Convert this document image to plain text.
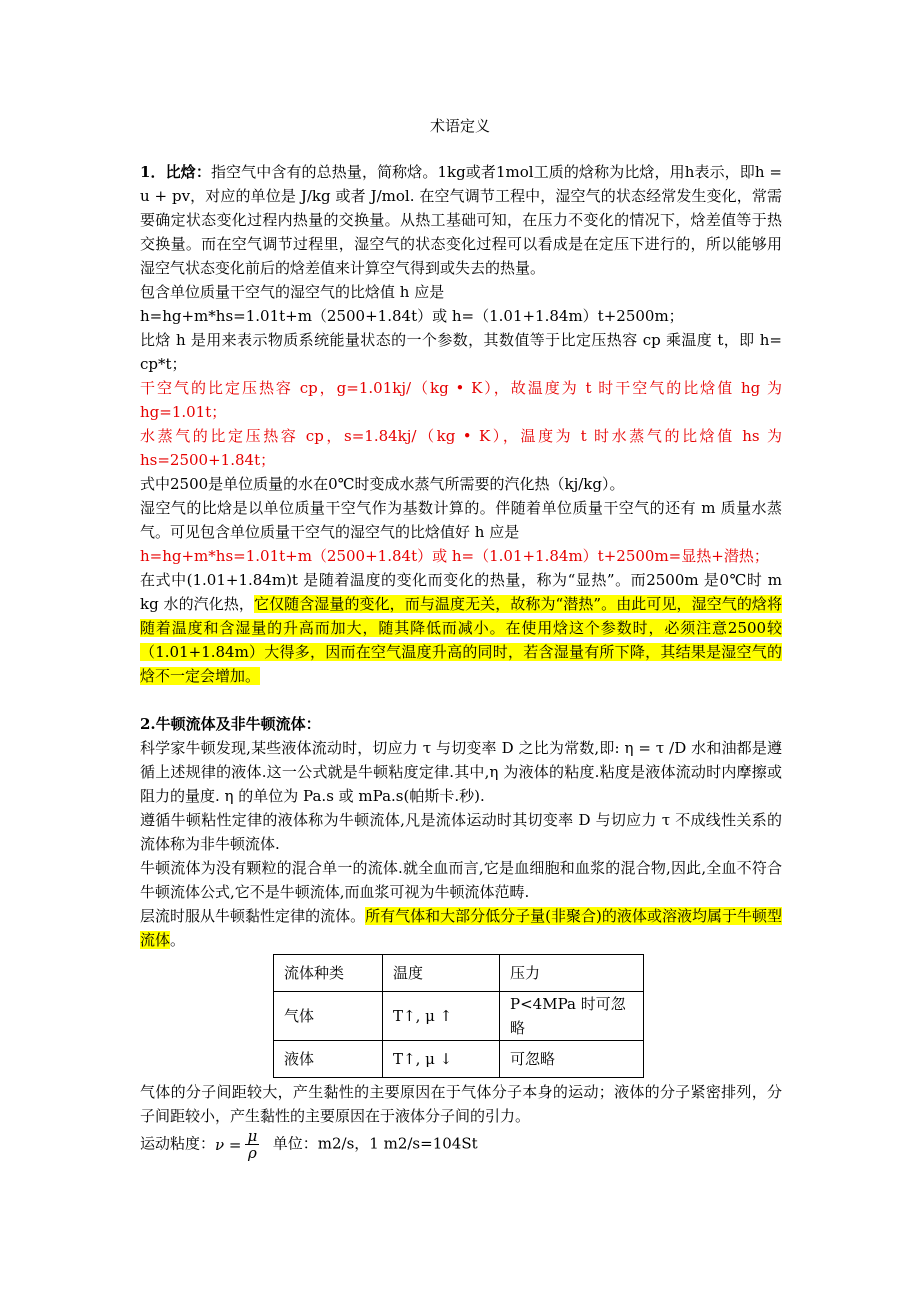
术语定义

1．比焓：指空气中含有的总热量，简称焓。1kg或者1mol工质的焓称为比焓，用h表示，即h = u + pv，对应的单位是 J/kg 或者 J/mol. 在空气调节工程中，湿空气的状态经常发生变化，常需要确定状态变化过程内热量的交换量。从热工基础可知，在压力不变化的情况下，焓差值等于热交换量。而在空气调节过程里，湿空气的状态变化过程可以看成是在定压下进行的，所以能够用湿空气状态变化前后的焓差值来计算空气得到或失去的热量。

包含单位质量干空气的湿空气的比焓值 h 应是

h=hg+m*hs=1.01t+m（2500+1.84t）或 h=（1.01+1.84m）t+2500m；

比焓 h 是用来表示物质系统能量状态的一个参数，其数值等于比定压热容 cp 乘温度 t，即 h= cp*t；

干空气的比定压热容 cp，g=1.01kj/（kg • K），故温度为 t 时干空气的比焓值 hg 为 hg=1.01t；

水蒸气的比定压热容 cp，s=1.84kj/（kg • K），温度为 t 时水蒸气的比焓值 hs 为 hs=2500+1.84t；

式中2500是单位质量的水在0℃时变成水蒸气所需要的汽化热（kj/kg）。

湿空气的比焓是以单位质量干空气作为基数计算的。伴随着单位质量干空气的还有 m 质量水蒸气。可见包含单位质量干空气的湿空气的比焓值好 h 应是

h=hg+m*hs=1.01t+m（2500+1.84t）或 h=（1.01+1.84m）t+2500m=显热+潜热；

在式中(1.01+1.84m)t 是随着温度的变化而变化的热量，称为“显热”。而2500m 是0℃时 m kg 水的汽化热，它仅随含湿量的变化，而与温度无关，故称为“潜热”。由此可见，湿空气的焓将随着温度和含湿量的升高而加大，随其降低而减小。在使用焓这个参数时，必须注意2500较（1.01+1.84m）大得多，因而在空气温度升高的同时，若含湿量有所下降，其结果是湿空气的焓不一定会增加。

2.牛顿流体及非牛顿流体：

科学家牛顿发现,某些液体流动时，切应力 τ 与切变率 D 之比为常数,即: η = τ /D 水和油都是遵循上述规律的液体.这一公式就是牛顿粘度定律.其中,η 为液体的粘度.粘度是液体流动时内摩擦或阻力的量度. η 的单位为 Pa.s 或 mPa.s(帕斯卡.秒).

遵循牛顿粘性定律的液体称为牛顿流体,凡是流体运动时其切变率 D 与切应力 τ 不成线性关系的流体称为非牛顿流体.

牛顿流体为没有颗粒的混合单一的流体.就全血而言,它是血细胞和血浆的混合物,因此,全血不符合牛顿流体公式,它不是牛顿流体,而血浆可视为牛顿流体范畴.

层流时服从牛顿黏性定律的流体。所有气体和大部分低分子量(非聚合)的液体或溶液均属于牛顿型流体。

流体种类	温度	压力
气体	T↑, μ ↑	P<4MPa 时可忽略
液体	T↑, μ ↓	可忽略

气体的分子间距较大，产生黏性的主要原因在于气体分子本身的运动；液体的分子紧密排列，分子间距较小，产生黏性的主要原因在于液体分子间的引力。

运动粘度：$\nu = \frac{\mu}{\rho}$ 单位：m2/s，1 m2/s=104St
